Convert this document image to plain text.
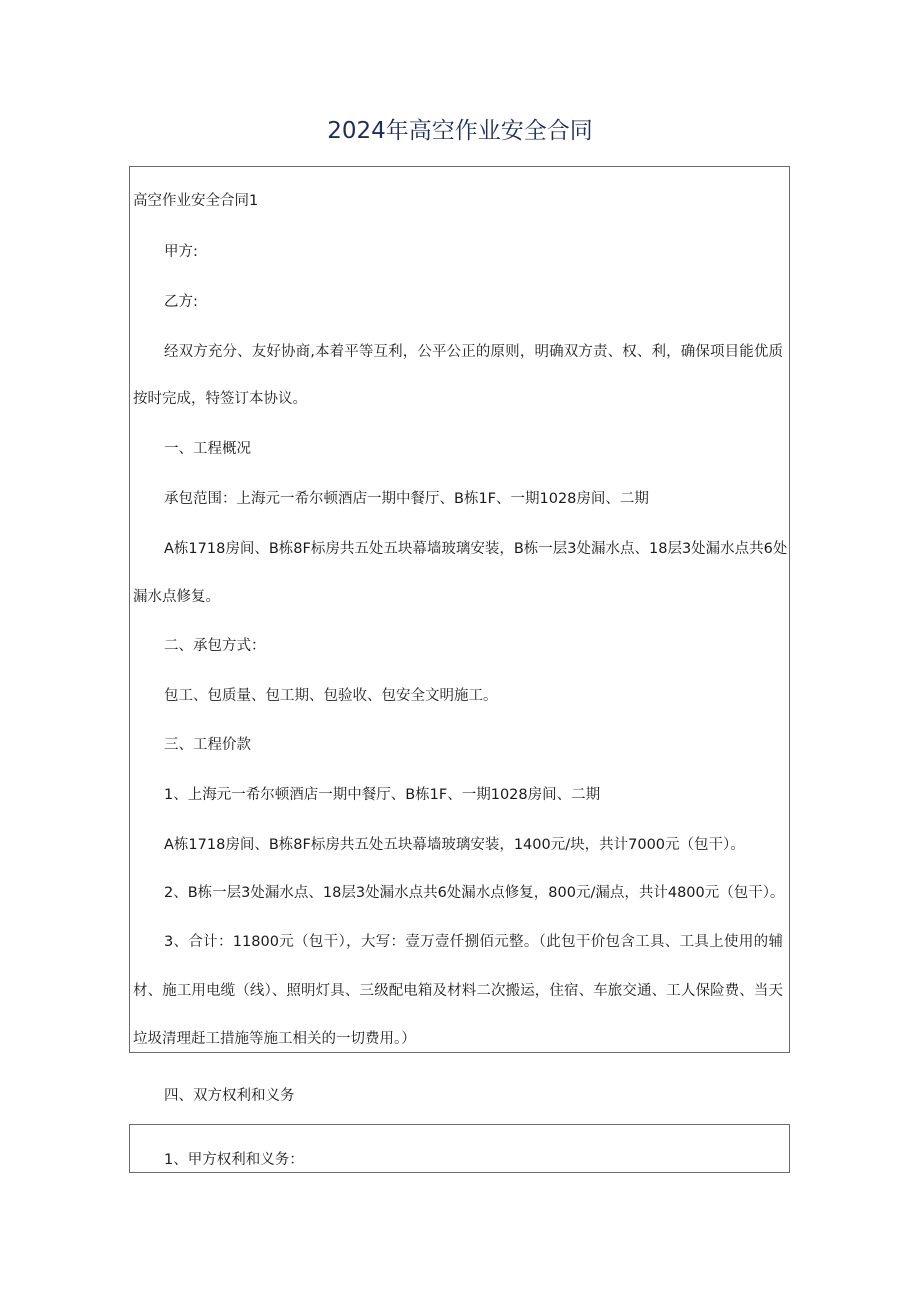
2024年高空作业安全合同
高空作业安全合同1
甲方:
乙方:
经双方充分、友好协商,本着平等互利，公平公正的原则，明确双方责、权、利，确保项目能优质
按时完成，特签订本协议。
一、工程概况
承包范围：上海元一希尔顿酒店一期中餐厅、B栋1F、一期1028房间、二期
A栋1718房间、B栋8F标房共五处五块幕墙玻璃安装，B栋一层3处漏水点、18层3处漏水点共6处
漏水点修复。
二、承包方式：
包工、包质量、包工期、包验收、包安全文明施工。
三、工程价款
1、上海元一希尔顿酒店一期中餐厅、B栋1F、一期1028房间、二期
A栋1718房间、B栋8F标房共五处五块幕墙玻璃安装，1400元/块，共计7000元（包干）。
2、B栋一层3处漏水点、18层3处漏水点共6处漏水点修复，800元/漏点，共计4800元（包干）。
3、合计：11800元（包干），大写：壹万壹仟捌佰元整。（此包干价包含工具、工具上使用的辅
材、施工用电缆（线）、照明灯具、三级配电箱及材料二次搬运，住宿、车旅交通、工人保险费、当天
垃圾清理赶工措施等施工相关的一切费用。）
四、双方权利和义务
1、甲方权利和义务：
